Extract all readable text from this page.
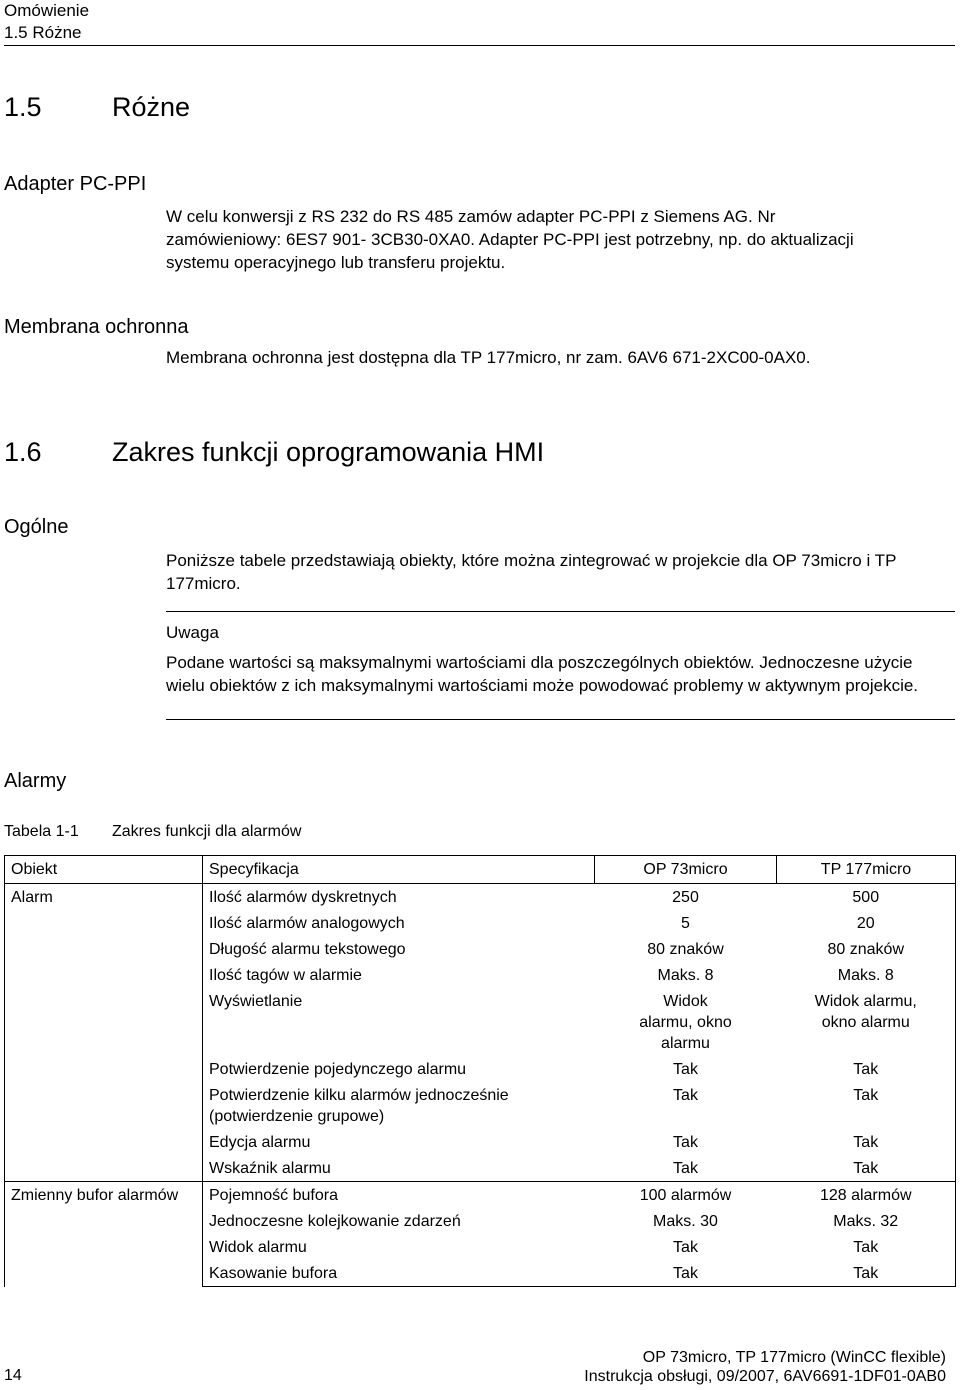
Omówienie
1.5 Różne
1.5	Różne
Adapter PC-PPI
W celu konwersji z RS 232 do RS 485 zamów adapter PC-PPI z Siemens AG. Nr zamówieniowy: 6ES7 901- 3CB30-0XA0. Adapter PC-PPI jest potrzebny, np. do aktualizacji systemu operacyjnego lub transferu projektu.
Membrana ochronna
Membrana ochronna jest dostępna dla TP 177micro, nr zam. 6AV6 671-2XC00-0AX0.
1.6	Zakres funkcji oprogramowania HMI
Ogólne
Poniższe tabele przedstawiają obiekty, które można zintegrować w projekcie dla OP 73micro i TP 177micro.
Uwaga
Podane wartości są maksymalnymi wartościami dla poszczególnych obiektów. Jednoczesne użycie wielu obiektów z ich maksymalnymi wartościami może powodować problemy w aktywnym projekcie.
Alarmy
Tabela 1-1 Zakres funkcji dla alarmów
Obiekt	Specyfikacja	OP 73micro	TP 177micro
Alarm	Ilość alarmów dyskretnych	250	500
	Ilość alarmów analogowych	5	20
	Długość alarmu tekstowego	80 znaków	80 znaków
	Ilość tagów w alarmie	Maks. 8	Maks. 8
	Wyświetlanie	Widok alarmu, okno alarmu	Widok alarmu, okno alarmu
	Potwierdzenie pojedynczego alarmu	Tak	Tak
	Potwierdzenie kilku alarmów jednocześnie (potwierdzenie grupowe)	Tak	Tak
	Edycja alarmu	Tak	Tak
	Wskaźnik alarmu	Tak	Tak
Zmienny bufor alarmów	Pojemność bufora	100 alarmów	128 alarmów
	Jednoczesne kolejkowanie zdarzeń	Maks. 30	Maks. 32
	Widok alarmu	Tak	Tak
	Kasowanie bufora	Tak	Tak
14
OP 73micro, TP 177micro (WinCC flexible)
Instrukcja obsługi, 09/2007, 6AV6691-1DF01-0AB0
